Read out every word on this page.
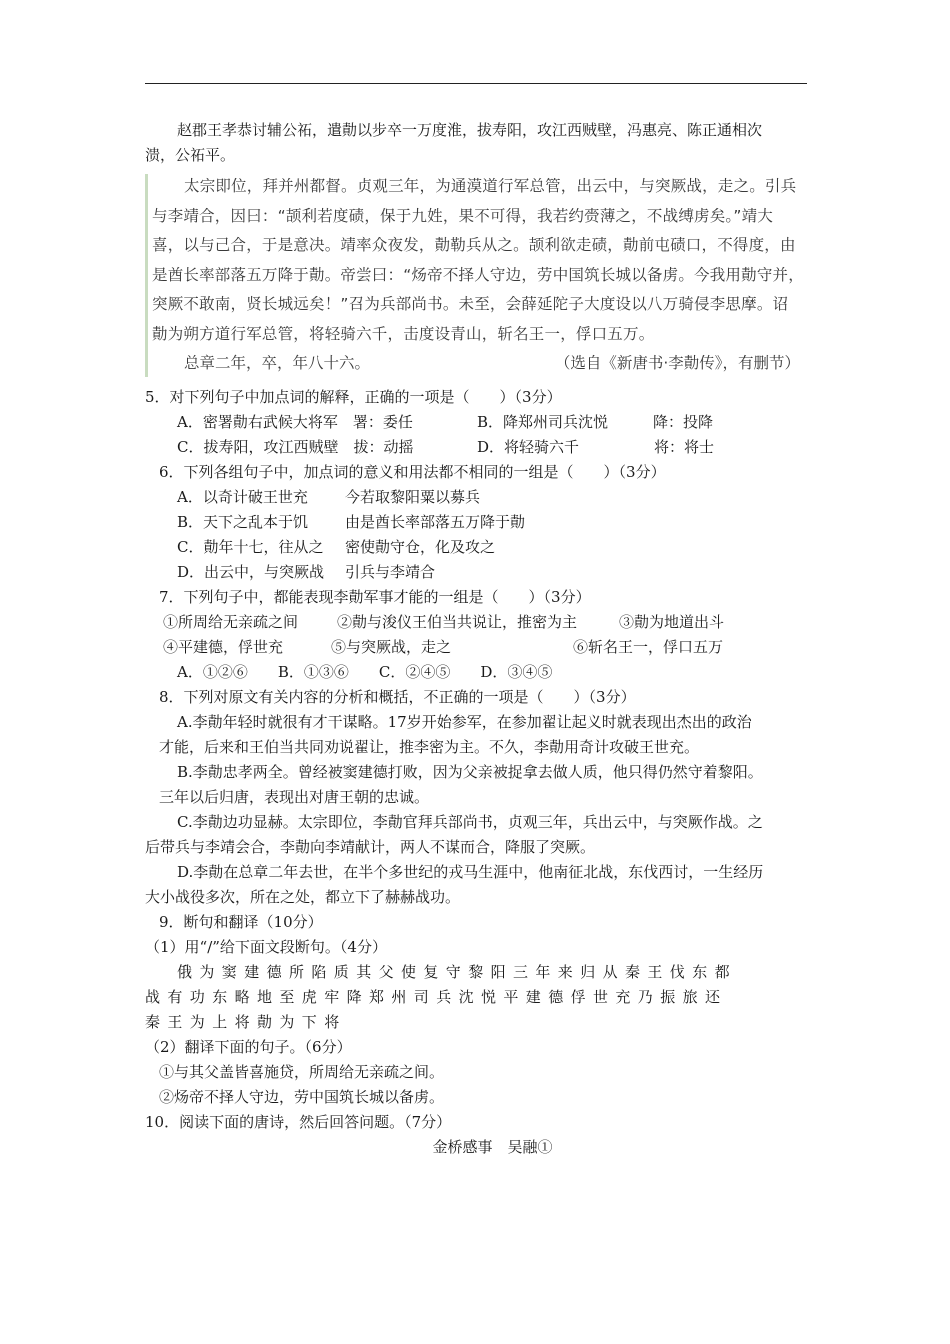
赵郡王孝恭讨辅公祏，遣勣以步卒一万度淮，拔寿阳，攻江西贼壁，冯惠亮、陈正通相次

溃，公祏平。

太宗即位，拜并州都督。贞观三年，为通漠道行军总管，出云中，与突厥战，走之。引兵

与李靖合，因曰：“颉利若度碛，保于九姓，果不可得，我若约赍薄之，不战缚虏矣。”靖大

喜，以与己合，于是意决。靖率众夜发，勣勒兵从之。颉利欲走碛，勣前屯碛口，不得度，由

是酋长率部落五万降于勣。帝尝曰：“炀帝不择人守边，劳中国筑长城以备虏。今我用勣守并，

突厥不敢南，贤长城远矣！”召为兵部尚书。未至，会薛延陀子大度设以八万骑侵李思摩。诏

勣为朔方道行军总管，将轻骑六千，击度设青山，斩名王一，俘口五万。

总章二年，卒，年八十六。	（选自《新唐书·李勣传》，有删节）

5．对下列句子中加点词的解释，正确的一项是（　　）（3分）

A．密署勣右武候大将军　署：委任	B．降郑州司兵沈悦　　　降：投降
C．拔寿阳，攻江西贼壁　拔：动摇	D．将轻骑六千　　　　　将：将士

6．下列各组句子中，加点词的意义和用法都不相同的一组是（　　）（3分）

A．以奇计破王世充	今若取黎阳粟以募兵
B．天下之乱本于饥	由是酋长率部落五万降于勣
C．勣年十七，往从之	密使勣守仓，化及攻之
D．出云中，与突厥战	引兵与李靖合

7．下列句子中，都能表现李勣军事才能的一组是（　　）（3分）

①所周给无亲疏之间	②勣与浚仪王伯当共说让，推密为主	③勣为地道出斗
④平建德，俘世充	⑤与突厥战，走之	⑥斩名王一，俘口五万

A．①②⑥　　B．①③⑥　　C．②④⑤　　D．③④⑤

8．下列对原文有关内容的分析和概括，不正确的一项是（　　）（3分）

A.李勣年轻时就很有才干谋略。17岁开始参军，在参加翟让起义时就表现出杰出的政治

才能，后来和王伯当共同劝说翟让，推李密为主。不久，李勣用奇计攻破王世充。

B.李勣忠孝两全。曾经被窦建德打败，因为父亲被捉拿去做人质，他只得仍然守着黎阳。

三年以后归唐，表现出对唐王朝的忠诚。

C.李勣边功显赫。太宗即位，李勣官拜兵部尚书，贞观三年，兵出云中，与突厥作战。之

后带兵与李靖会合，李勣向李靖献计，两人不谋而合，降服了突厥。

D.李勣在总章二年去世，在半个多世纪的戎马生涯中，他南征北战，东伐西讨，一生经历

大小战役多次，所在之处，都立下了赫赫战功。

9．断句和翻译（10分）

（1）用“/”给下面文段断句。（4分）

俄为窦建德所陷质其父使复守黎阳三年来归从秦王伐东都

战有功东略地至虎牢降郑州司兵沈悦平建德俘世充乃振旅还

秦王为上将勣为下将

（2）翻译下面的句子。（6分）

①与其父盖皆喜施贷，所周给无亲疏之间。

②炀帝不择人守边，劳中国筑长城以备虏。

10．阅读下面的唐诗，然后回答问题。（7分）

金桥感事　吴融①
